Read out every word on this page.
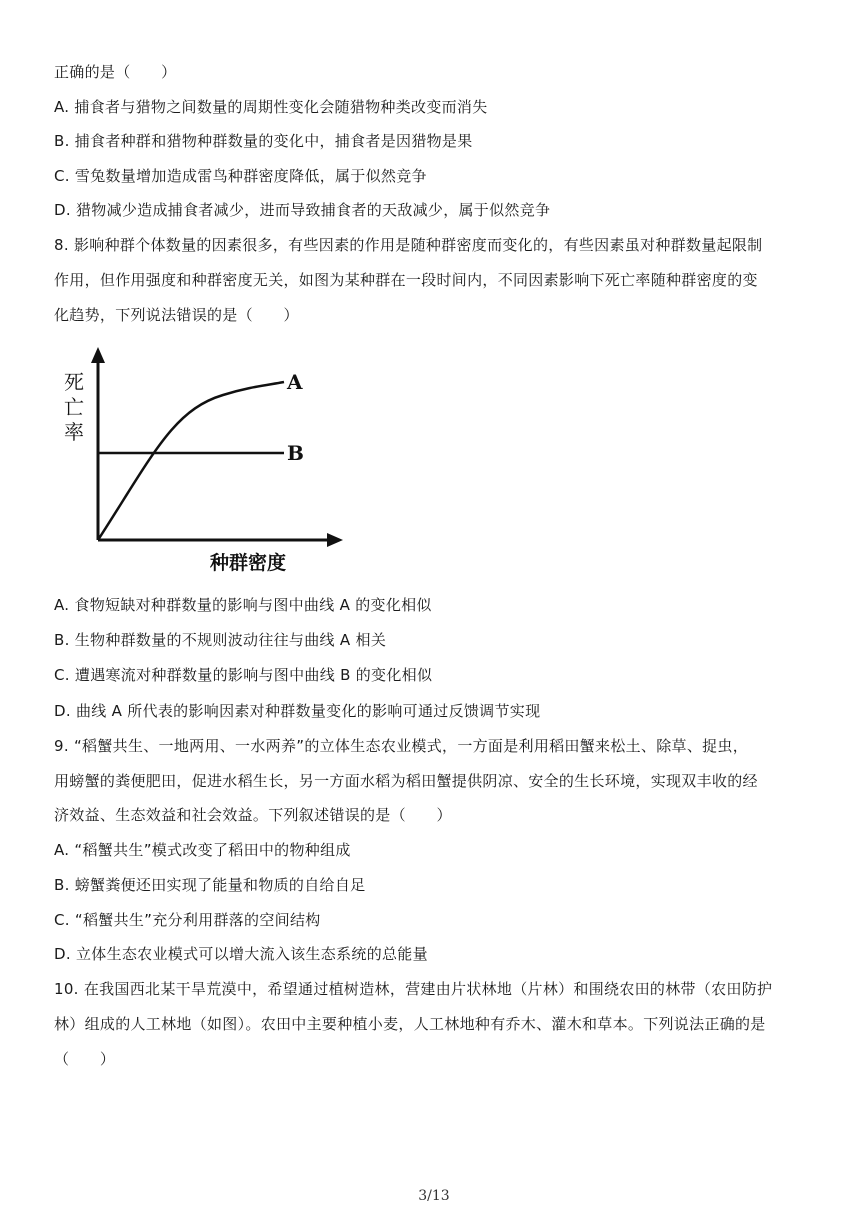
正确的是（　　）
A. 捕食者与猎物之间数量的周期性变化会随猎物种类改变而消失
B. 捕食者种群和猎物种群数量的变化中，捕食者是因猎物是果
C. 雪兔数量增加造成雷鸟种群密度降低，属于似然竞争
D. 猎物减少造成捕食者减少，进而导致捕食者的天敌减少，属于似然竞争
8. 影响种群个体数量的因素很多，有些因素的作用是随种群密度而变化的，有些因素虽对种群数量起限制
作用，但作用强度和种群密度无关，如图为某种群在一段时间内，不同因素影响下死亡率随种群密度的变
化趋势，下列说法错误的是（　　）
死
亡
率
A
B
种群密度
A. 食物短缺对种群数量的影响与图中曲线 A 的变化相似
B. 生物种群数量的不规则波动往往与曲线 A 相关
C. 遭遇寒流对种群数量的影响与图中曲线 B 的变化相似
D. 曲线 A 所代表的影响因素对种群数量变化的影响可通过反馈调节实现
9. “稻蟹共生、一地两用、一水两养”的立体生态农业模式，一方面是利用稻田蟹来松土、除草、捉虫，
用螃蟹的粪便肥田，促进水稻生长，另一方面水稻为稻田蟹提供阴凉、安全的生长环境，实现双丰收的经
济效益、生态效益和社会效益。下列叙述错误的是（　　）
A. “稻蟹共生”模式改变了稻田中的物种组成
B. 螃蟹粪便还田实现了能量和物质的自给自足
C. “稻蟹共生”充分利用群落的空间结构
D. 立体生态农业模式可以增大流入该生态系统的总能量
10. 在我国西北某干旱荒漠中，希望通过植树造林，营建由片状林地（片林）和围绕农田的林带（农田防护
林）组成的人工林地（如图）。农田中主要种植小麦，人工林地种有乔木、灌木和草本。下列说法正确的是
（　　）
3/13
